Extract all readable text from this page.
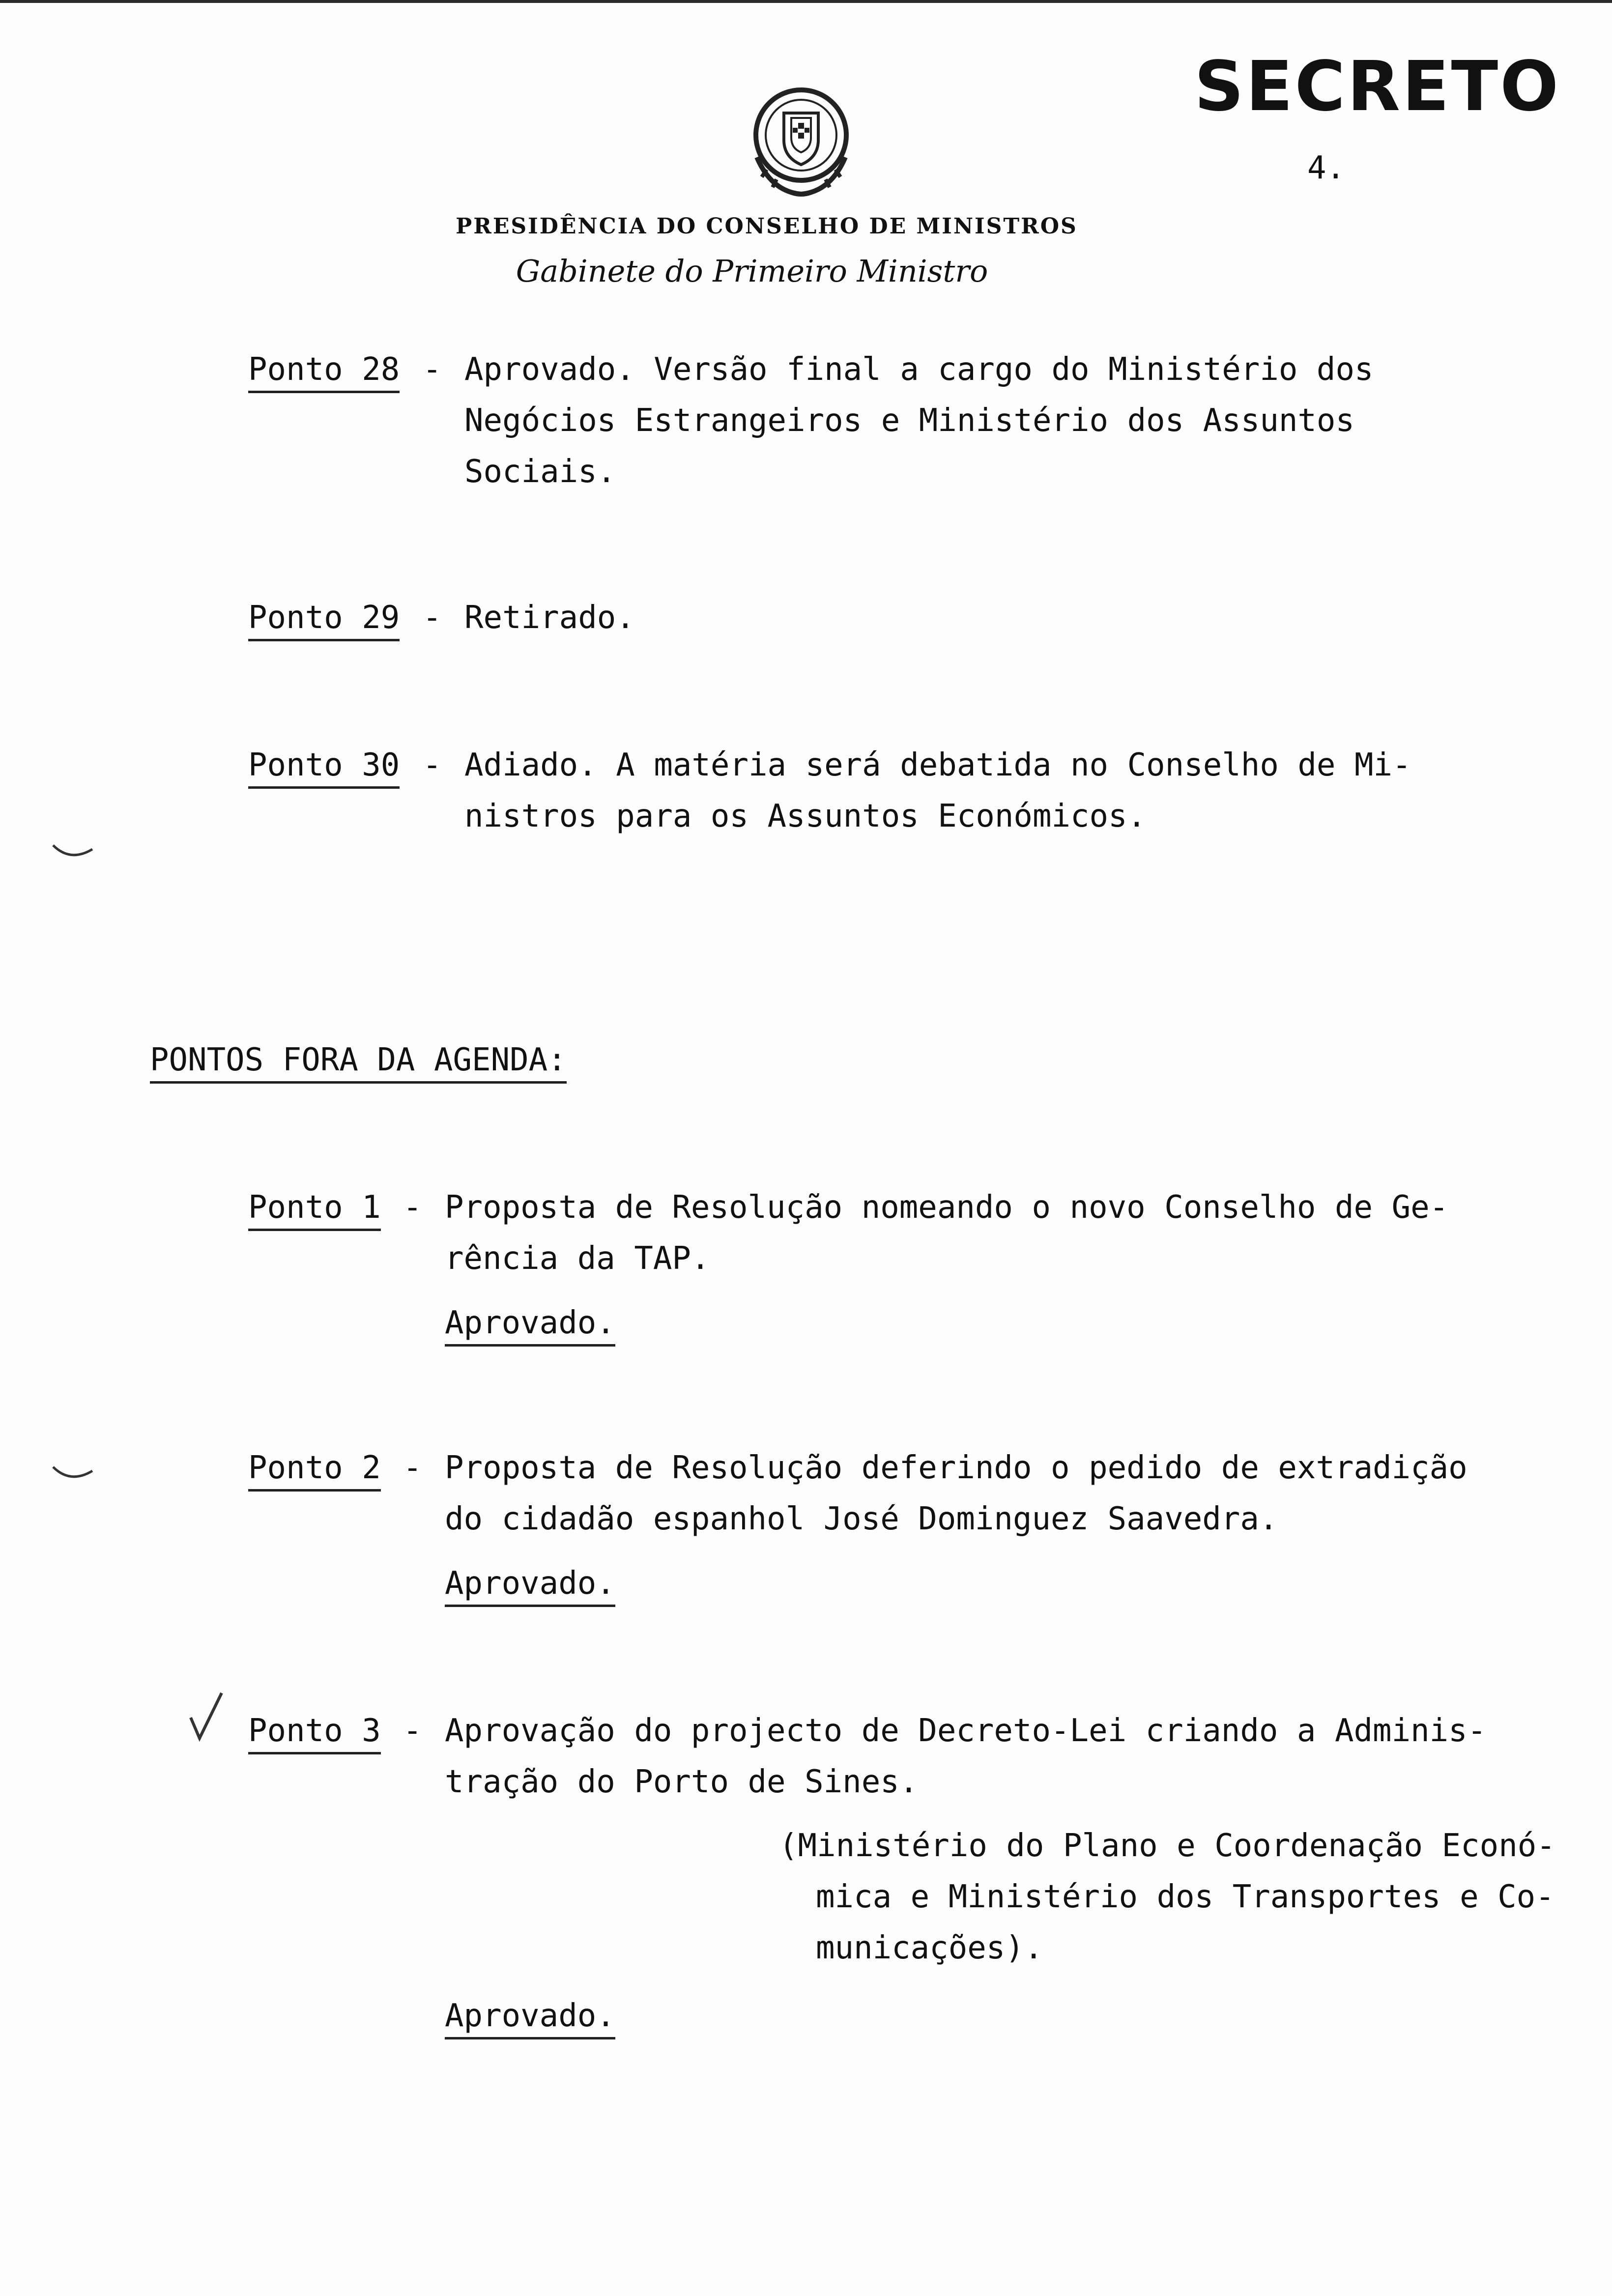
SECRETO
4.
PRESIDÊNCIA DO CONSELHO DE MINISTROS
Gabinete do Primeiro Ministro
Ponto 28 - Aprovado. Versão final a cargo do Ministério dos
Negócios Estrangeiros e Ministério dos Assuntos
Sociais.
Ponto 29 - Retirado.
Ponto 30 - Adiado. A matéria será debatida no Conselho de Mi-
nistros para os Assuntos Económicos.
PONTOS FORA DA AGENDA:
Ponto 1 - Proposta de Resolução nomeando o novo Conselho de Ge-
rência da TAP.
Aprovado.
Ponto 2 - Proposta de Resolução deferindo o pedido de extradição
do cidadão espanhol José Dominguez Saavedra.
Aprovado.
Ponto 3 - Aprovação do projecto de Decreto-Lei criando a Adminis-
tração do Porto de Sines.
(Ministério do Plano e Coordenação Econó-
mica e Ministério dos Transportes e Co-
municações).
Aprovado.
